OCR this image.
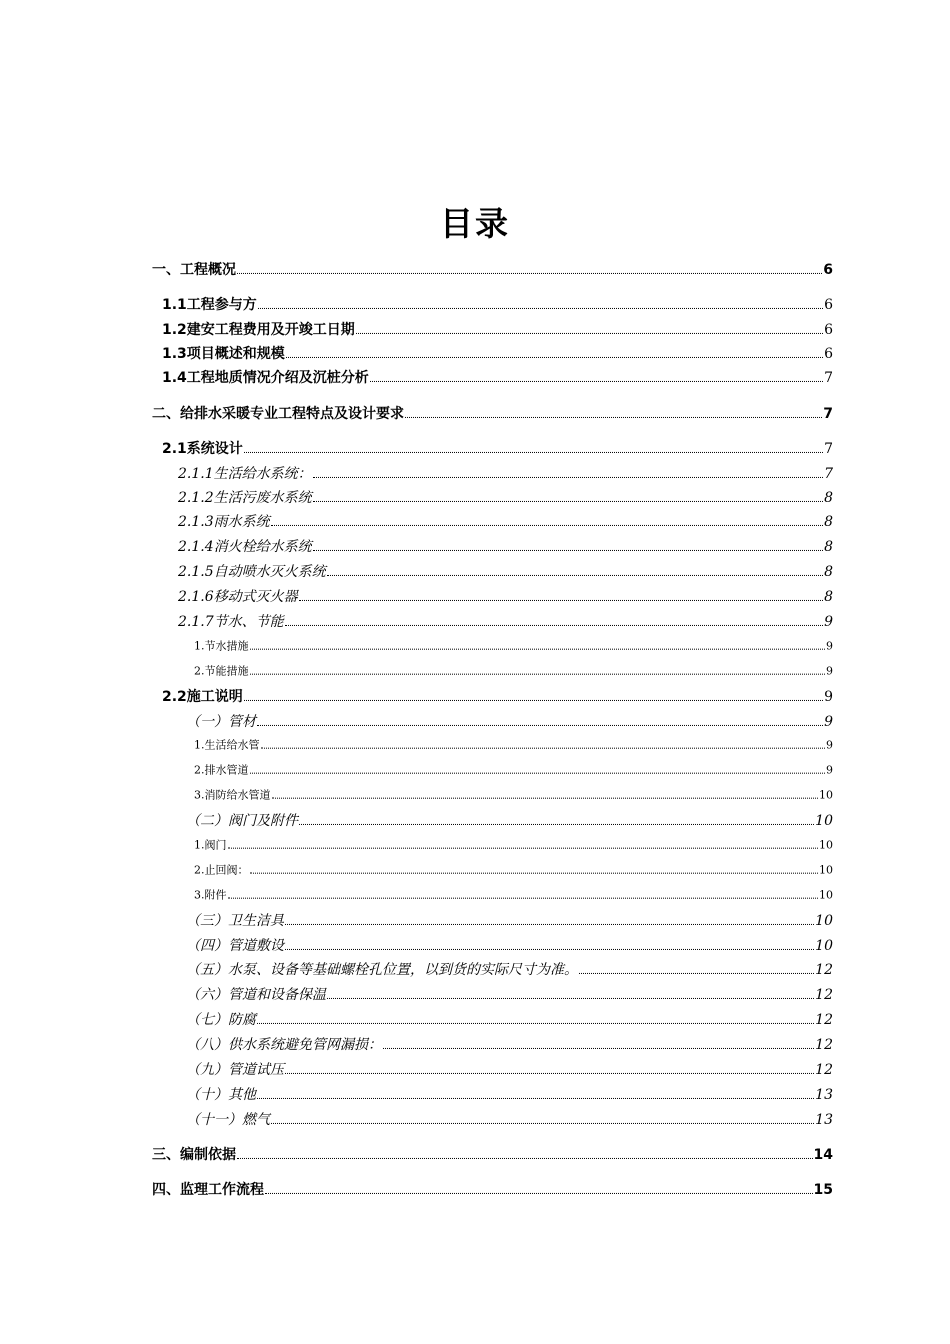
目录
一、工程概况	6
1.1工程参与方	6
1.2建安工程费用及开竣工日期	6
1.3项目概述和规模	6
1.4工程地质情况介绍及沉桩分析	7
二、给排水采暖专业工程特点及设计要求	7
2.1系统设计	7
2.1.1生活给水系统：	7
2.1.2生活污废水系统	8
2.1.3雨水系统	8
2.1.4消火栓给水系统	8
2.1.5自动喷水灭火系统	8
2.1.6移动式灭火器	8
2.1.7节水、节能	9
1.节水措施	9
2.节能措施	9
2.2施工说明	9
（一）管材	9
1.生活给水管	9
2.排水管道	9
3.消防给水管道	10
（二）阀门及附件	10
1.阀门	10
2.止回阀：	10
3.附件	10
（三）卫生洁具	10
（四）管道敷设	10
（五）水泵、设备等基础螺栓孔位置，以到货的实际尺寸为准。	12
（六）管道和设备保温	12
（七）防腐	12
（八）供水系统避免管网漏损：	12
（九）管道试压	12
（十）其他	13
（十一）燃气	13
三、编制依据	14
四、监理工作流程	15
